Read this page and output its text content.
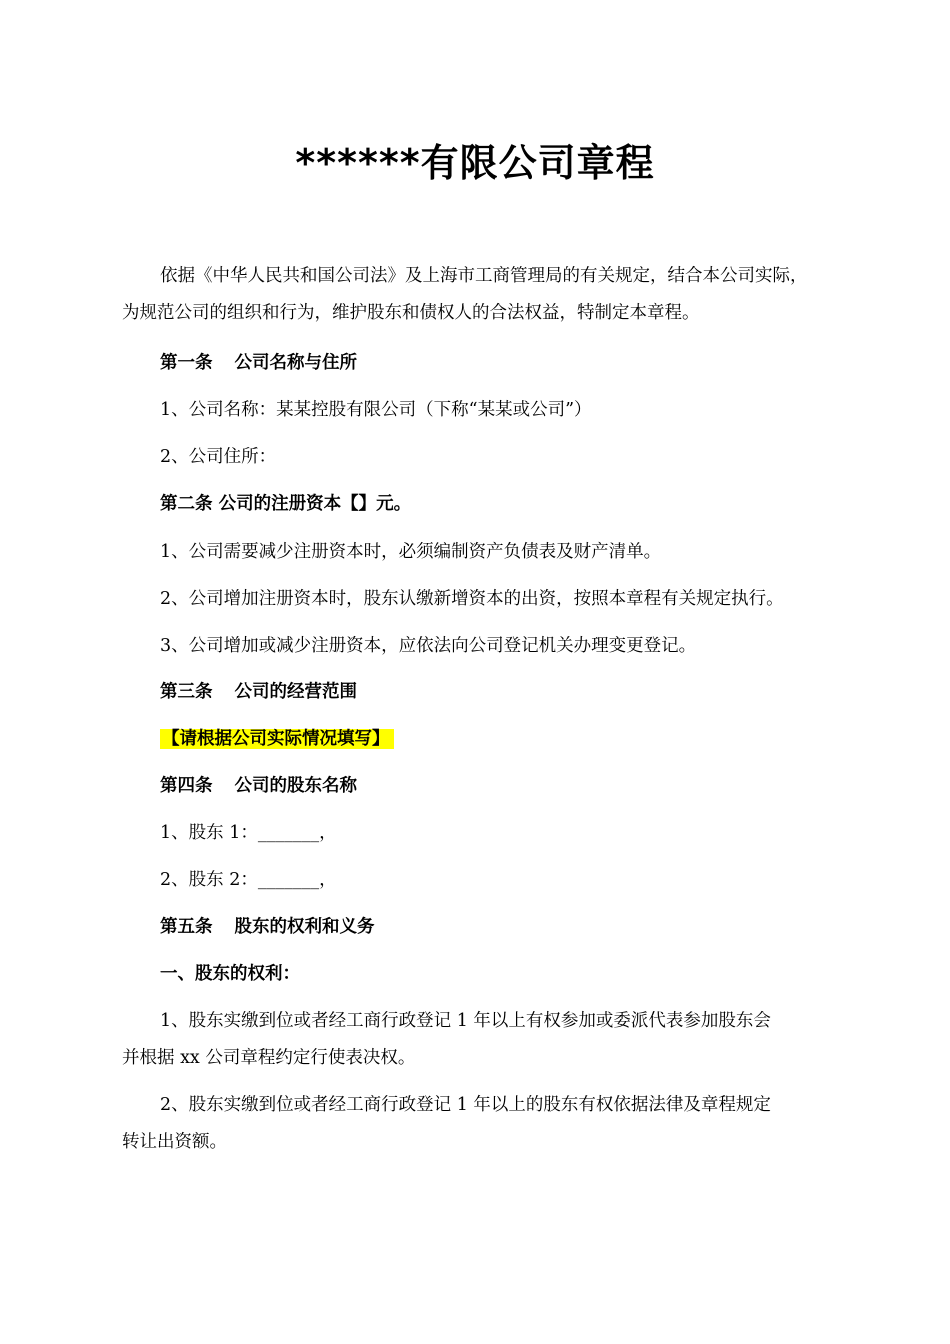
******有限公司章程
依据《中华人民共和国公司法》及上海市工商管理局的有关规定，结合本公司实际，
为规范公司的组织和行为，维护股东和债权人的合法权益，特制定本章程。
第一条 公司名称与住所
1、公司名称：某某控股有限公司（下称“某某或公司”）
2、公司住所：
第二条 公司的注册资本【】元。
1、公司需要减少注册资本时，必须编制资产负债表及财产清单。
2、公司增加注册资本时，股东认缴新增资本的出资，按照本章程有关规定执行。
3、公司增加或减少注册资本，应依法向公司登记机关办理变更登记。
第三条 公司的经营范围
【请根据公司实际情况填写】
第四条 公司的股东名称
1、股东 1：_______，
2、股东 2：_______，
第五条 股东的权利和义务
一、股东的权利：
1、股东实缴到位或者经工商行政登记 1 年以上有权参加或委派代表参加股东会
并根据 xx 公司章程约定行使表决权。
2、股东实缴到位或者经工商行政登记 1 年以上的股东有权依据法律及章程规定
转让出资额。
